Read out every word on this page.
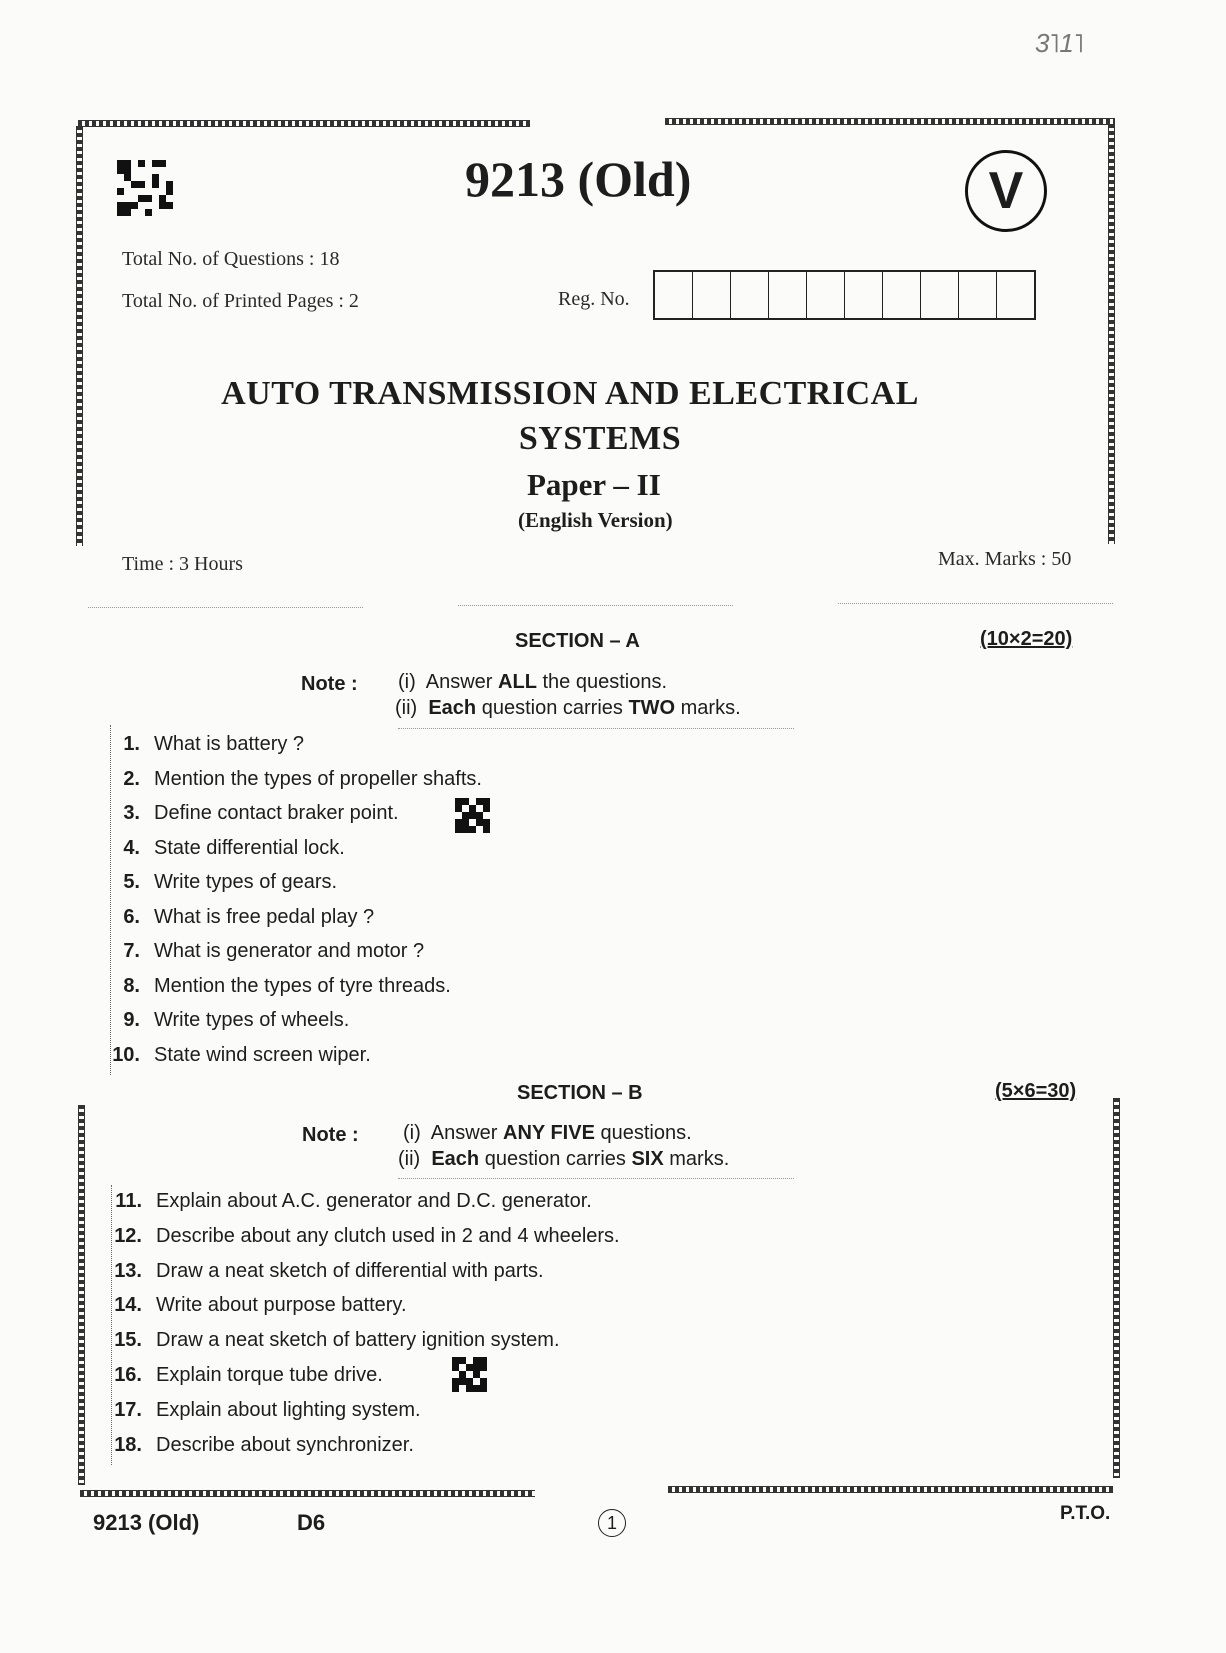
3˥1˥
9213 (Old)	V
Total No. of Questions : 18
Total No. of Printed Pages : 2	Reg. No.
AUTO TRANSMISSION AND ELECTRICAL
SYSTEMS
Paper – II
(English Version)
Time : 3 Hours	Max. Marks : 50
SECTION – A	(10×2=20)
Note : (i)  Answer ALL the questions.
(ii)  Each question carries TWO marks.
1. What is battery ?
2. Mention the types of propeller shafts.
3. Define contact braker point.
4. State differential lock.
5. Write types of gears.
6. What is free pedal play ?
7. What is generator and motor ?
8. Mention the types of tyre threads.
9. Write types of wheels.
10. State wind screen wiper.
SECTION – B	(5×6=30)
Note : (i)  Answer ANY FIVE questions.
(ii)  Each question carries SIX marks.
11. Explain about A.C. generator and D.C. generator.
12. Describe about any clutch used in 2 and 4 wheelers.
13. Draw a neat sketch of differential with parts.
14. Write about purpose battery.
15. Draw a neat sketch of battery ignition system.
16. Explain torque tube drive.
17. Explain about lighting system.
18. Describe about synchronizer.
9213 (Old)	D6	1	P.T.O.
